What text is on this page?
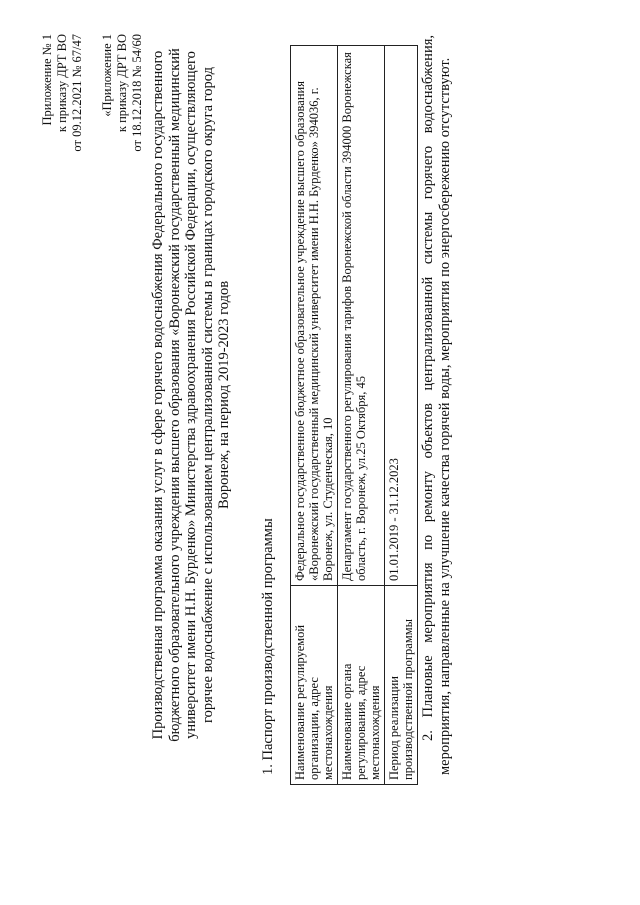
Приложение № 1 к приказу ДРТ ВО от 09.12.2021 № 67/47 «Приложение 1 к приказу ДРТ ВО от 18.12.2018 № 54/60 Производственная программа оказания услуг в сфере горячего водоснабжения Федерального государственного бюджетного образовательного учреждения высшего образования «Воронежский государственный медицинский университет имени Н.Н. Бурденко» Министерства здравоохранения Российской Федерации, осуществляющего горячее водоснабжение с использованием централизованной системы в границах городского округа город Воронеж, на период 2019-2023 годов
1. Паспорт производственной программы Наименование регулируемой организации, адрес местонахождения	Федеральное государственное бюджетное образовательное учреждение высшего образования «Воронежский государственный медицинский университет имени Н.Н. Бурденко» 394036, г. Воронеж, ул. Студенческая, 10
Наименование органа регулирования, адрес местонахождения	Департамент государственного регулирования тарифов Воронежской области 394000 Воронежская область, г. Воронеж, ул.25 Октября, 45
Период реализации производственной программы	01.01.2019 - 31.12.2023 2. Плановые мероприятия по ремонту объектов централизованной системы горячего водоснабжения, мероприятия, направленные на улучшение качества горячей воды, мероприятия по энергосбережению отсутствуют.
